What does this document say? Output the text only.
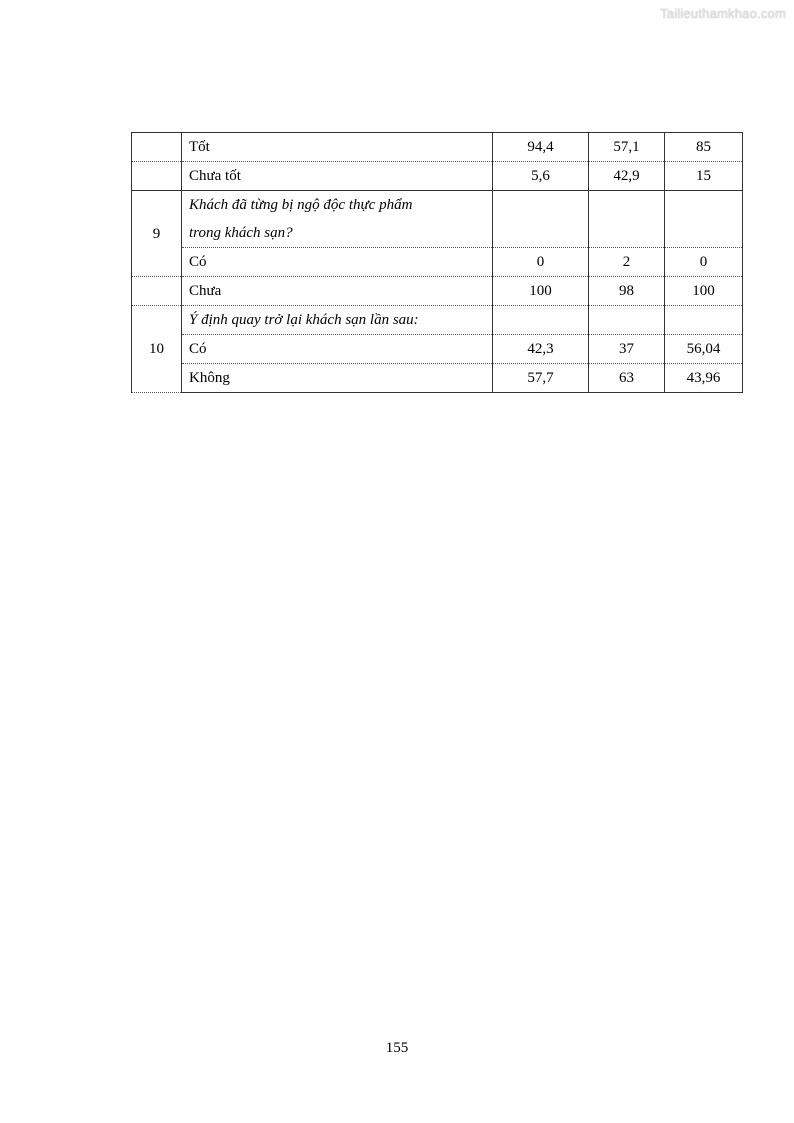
Tailieuthamkhao.com
	Tốt	94,4	57,1	85
	Chưa tốt	5,6	42,9	15
9	Khách đã từng bị ngộ độc thực phẩm			
	trong khách sạn?			
	Có	0	2	0
	Chưa	100	98	100
10	Ý định quay trở lại khách sạn lần sau:			
	Có	42,3	37	56,04
	Không	57,7	63	43,96
155
